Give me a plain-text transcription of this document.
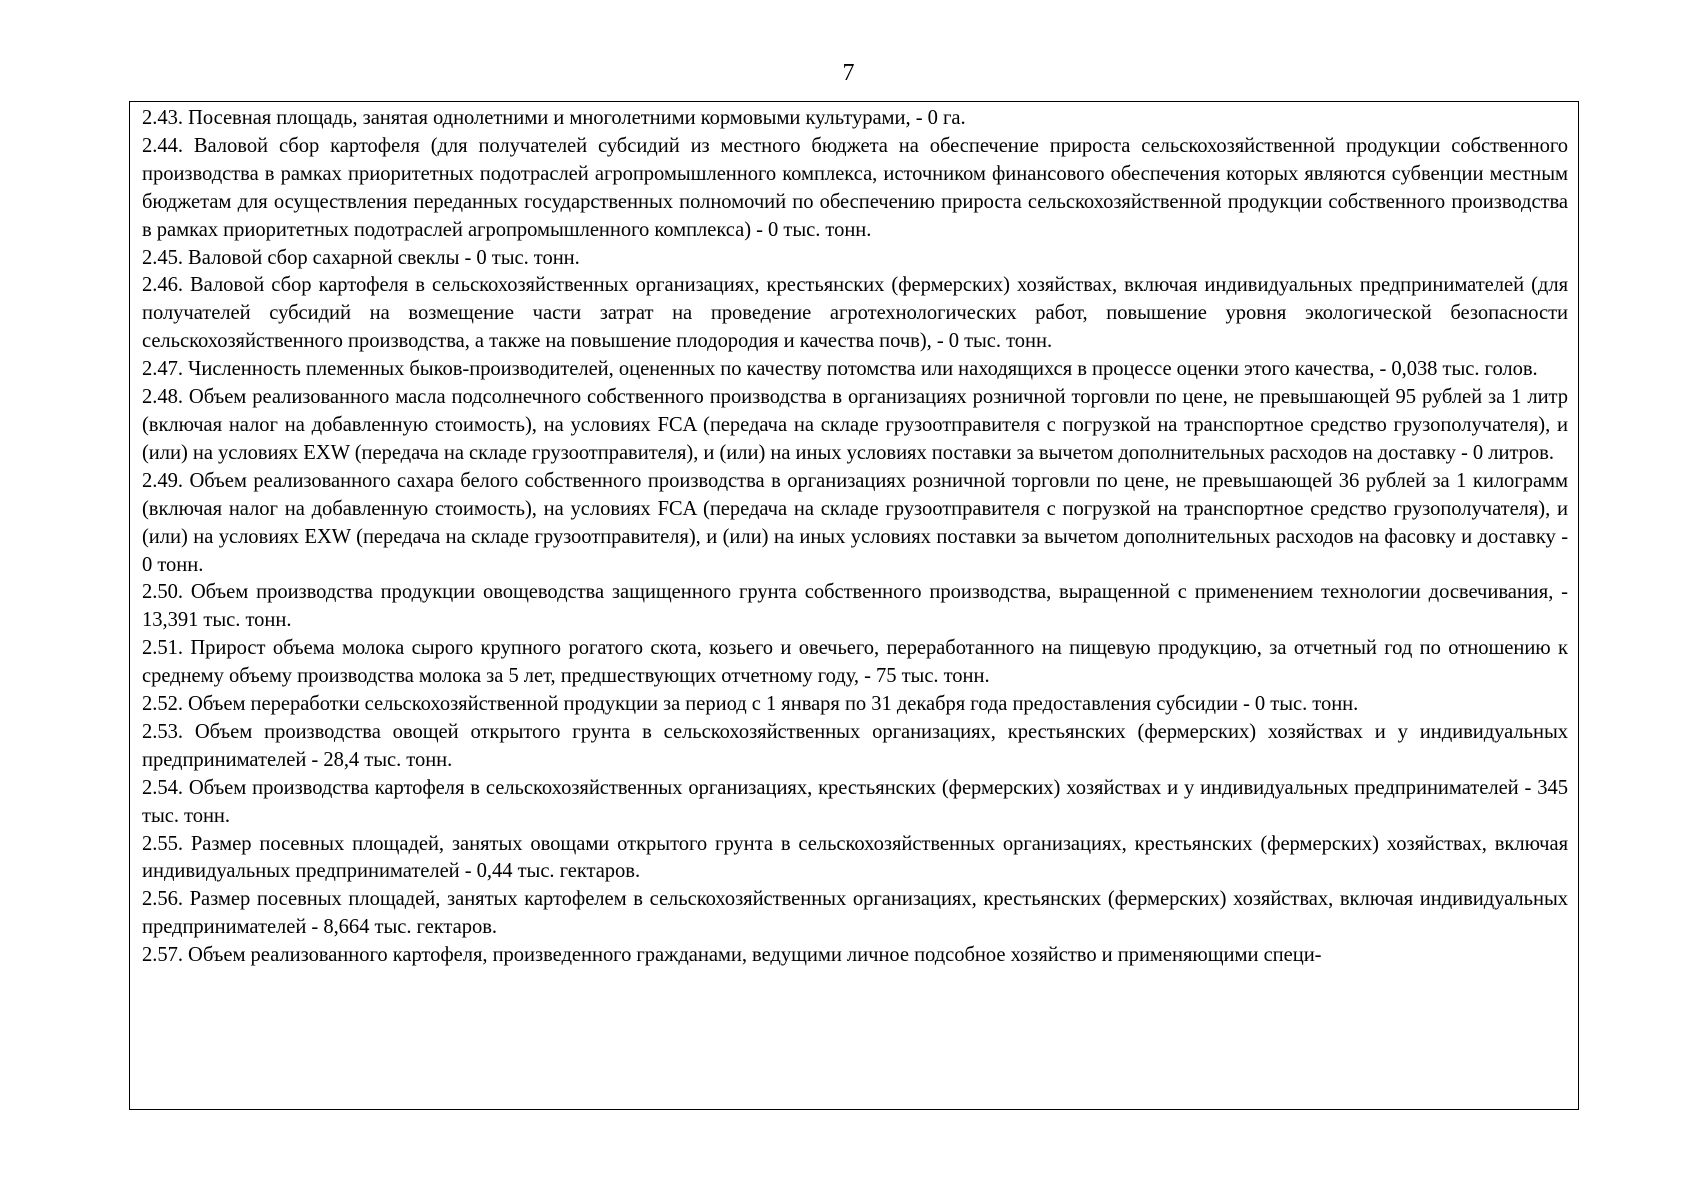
7

2.43. Посевная площадь, занятая однолетними и многолетними кормовыми культурами, - 0 га.

2.44. Валовой сбор картофеля (для получателей субсидий из местного бюджета на обеспечение прироста сельскохозяйственной продукции собственного производства в рамках приоритетных подотраслей агропромышленного комплекса, источником финансового обеспечения которых являются субвенции местным бюджетам для осуществления переданных государственных полномочий по обеспечению прироста сельскохозяйственной продукции собственного производства в рамках приоритетных подотраслей агропромышленного комплекса) - 0 тыс. тонн.

2.45. Валовой сбор сахарной свеклы - 0 тыс. тонн.

2.46. Валовой сбор картофеля в сельскохозяйственных организациях, крестьянских (фермерских) хозяйствах, включая индивидуальных предпринимателей (для получателей субсидий на возмещение части затрат на проведение агротехнологических работ, повышение уровня экологической безопасности сельскохозяйственного производства, а также на повышение плодородия и качества почв), - 0 тыс. тонн.

2.47. Численность племенных быков-производителей, оцененных по качеству потомства или находящихся в процессе оценки этого качества, - 0,038 тыс. голов.

2.48. Объем реализованного масла подсолнечного собственного производства в организациях розничной торговли по цене, не превышающей 95 рублей за 1 литр (включая налог на добавленную стоимость), на условиях FCA (передача на складе грузоотправителя с погрузкой на транспортное средство грузополучателя), и (или) на условиях EXW (передача на складе грузоотправителя), и (или) на иных условиях поставки за вычетом дополнительных расходов на доставку - 0 литров.

2.49. Объем реализованного сахара белого собственного производства в организациях розничной торговли по цене, не превышающей 36 рублей за 1 килограмм (включая налог на добавленную стоимость), на условиях FCA (передача на складе грузоотправителя с погрузкой на транспортное средство грузополучателя), и (или) на условиях EXW (передача на складе грузоотправителя), и (или) на иных условиях поставки за вычетом дополнительных расходов на фасовку и доставку - 0 тонн.

2.50. Объем производства продукции овощеводства защищенного грунта собственного производства, выращенной с применением технологии досвечивания, - 13,391 тыс. тонн.

2.51. Прирост объема молока сырого крупного рогатого скота, козьего и овечьего, переработанного на пищевую продукцию, за отчетный год по отношению к среднему объему производства молока за 5 лет, предшествующих отчетному году, - 75 тыс. тонн.

2.52. Объем переработки сельскохозяйственной продукции за период с 1 января по 31 декабря года предоставления субсидии - 0 тыс. тонн.

2.53. Объем производства овощей открытого грунта в сельскохозяйственных организациях, крестьянских (фермерских) хозяйствах и у индивидуальных предпринимателей - 28,4 тыс. тонн.

2.54. Объем производства картофеля в сельскохозяйственных организациях, крестьянских (фермерских) хозяйствах и у индивидуальных предпринимателей - 345 тыс. тонн.

2.55. Размер посевных площадей, занятых овощами открытого грунта в сельскохозяйственных организациях, крестьянских (фермерских) хозяйствах, включая индивидуальных предпринимателей - 0,44 тыс. гектаров.

2.56. Размер посевных площадей, занятых картофелем в сельскохозяйственных организациях, крестьянских (фермерских) хозяйствах, включая индивидуальных предпринимателей - 8,664 тыс. гектаров.

2.57. Объем реализованного картофеля, произведенного гражданами, ведущими личное подсобное хозяйство и применяющими специ-
